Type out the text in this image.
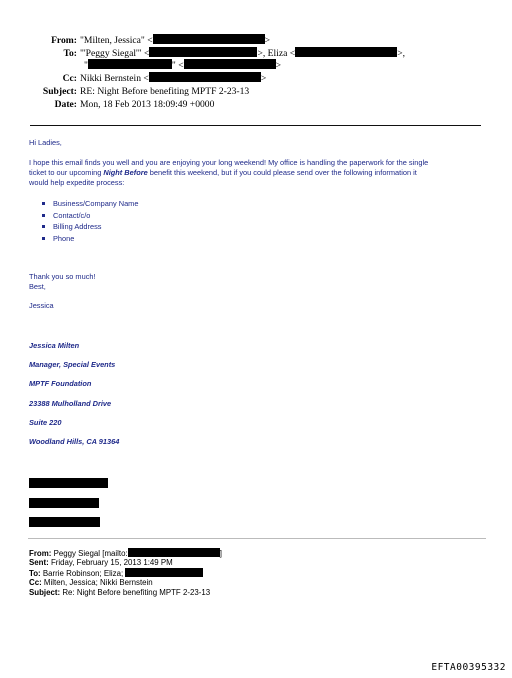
From: "Milten, Jessica" <	>
To: "'Peggy Siegal'" <	>, Eliza <	>,
"	" <	>
Cc: Nikki Bernstein <	>
Subject: RE: Night Before benefiting MPTF 2-23-13
Date: Mon, 18 Feb 2013 18:09:49 +0000
Hi Ladies,
I hope this email finds you well and you are enjoying your long weekend! My office is handling the paperwork for the single
ticket to our upcoming Night Before benefit this weekend, but if you could please send over the following information it
would help expedite process:
Business/Company Name
Contact/c/o
Billing Address
Phone
Thank you so much!
Best,
Jessica
Jessica Milten
Manager, Special Events
MPTF Foundation
23388 Mulholland Drive
Suite 220
Woodland Hills, CA 91364
From: Peggy Siegal [mailto:	]
Sent: Friday, February 15, 2013 1:49 PM
To: Barrie Robinson; Eliza;
Cc: Milten, Jessica; Nikki Bernstein
Subject: Re: Night Before benefiting MPTF 2-23-13
EFTA00395332
